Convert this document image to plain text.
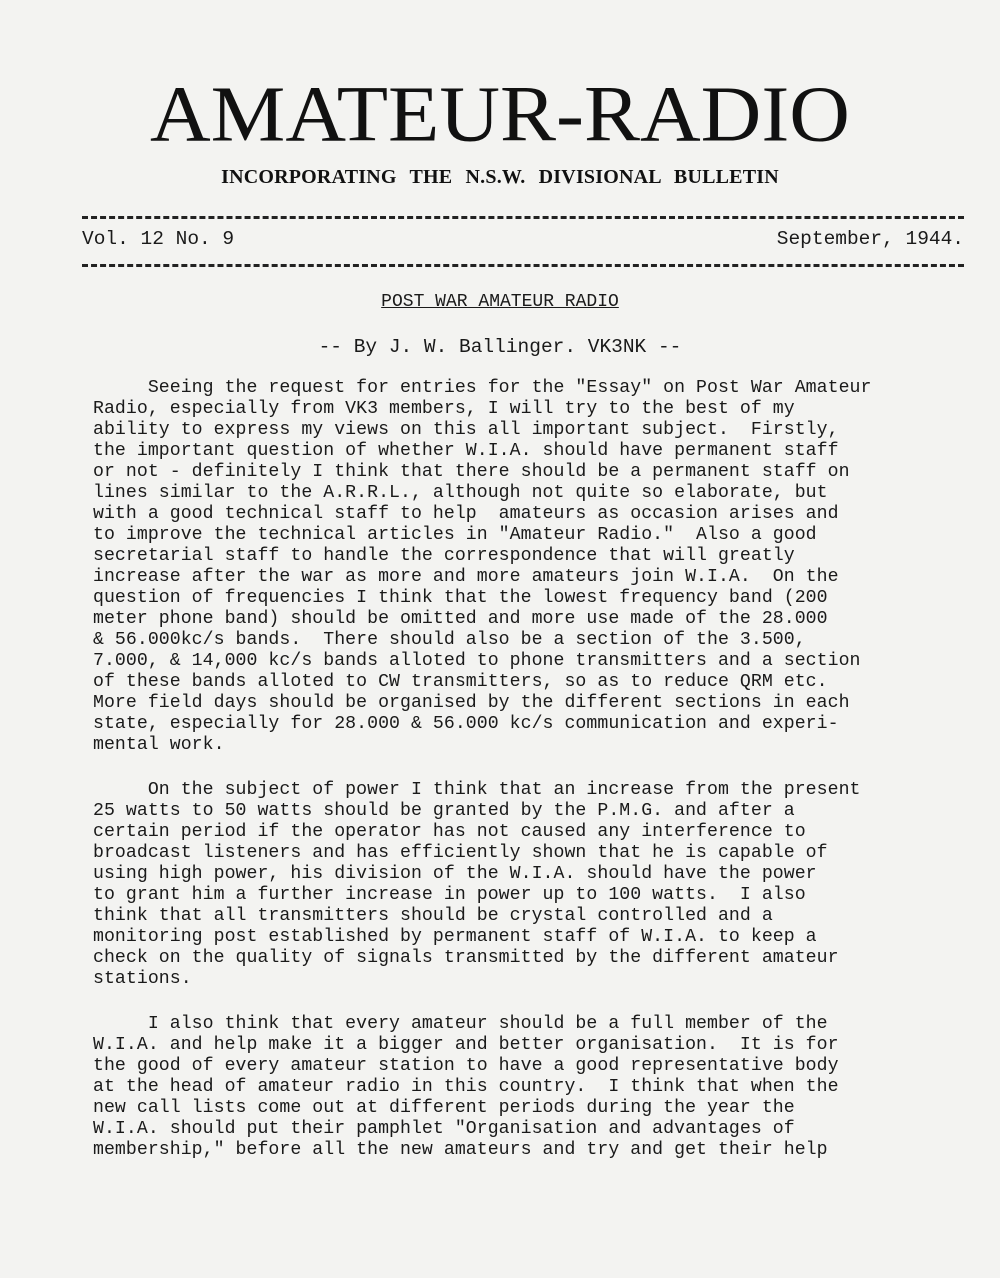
AMATEUR-RADIO
INCORPORATING THE N.S.W. DIVISIONAL BULLETIN
Vol. 12 No. 9	September, 1944.
POST WAR AMATEUR RADIO
-- By J. W. Ballinger. VK3NK --

Seeing the request for entries for the "Essay" on Post War Amateur
Radio, especially from VK3 members, I will try to the best of my
ability to express my views on this all important subject.  Firstly,
the important question of whether W.I.A. should have permanent staff
or not - definitely I think that there should be a permanent staff on
lines similar to the A.R.R.L., although not quite so elaborate, but
with a good technical staff to help  amateurs as occasion arises and
to improve the technical articles in "Amateur Radio."  Also a good
secretarial staff to handle the correspondence that will greatly
increase after the war as more and more amateurs join W.I.A.  On the
question of frequencies I think that the lowest frequency band (200
meter phone band) should be omitted and more use made of the 28.000
& 56.000kc/s bands.  There should also be a section of the 3.500,
7.000, & 14,000 kc/s bands alloted to phone transmitters and a section
of these bands alloted to CW transmitters, so as to reduce QRM etc.
More field days should be organised by the different sections in each
state, especially for 28.000 & 56.000 kc/s communication and experi-
mental work.

On the subject of power I think that an increase from the present
25 watts to 50 watts should be granted by the P.M.G. and after a
certain period if the operator has not caused any interference to
broadcast listeners and has efficiently shown that he is capable of
using high power, his division of the W.I.A. should have the power
to grant him a further increase in power up to 100 watts.  I also
think that all transmitters should be crystal controlled and a
monitoring post established by permanent staff of W.I.A. to keep a
check on the quality of signals transmitted by the different amateur
stations.

I also think that every amateur should be a full member of the
W.I.A. and help make it a bigger and better organisation.  It is for
the good of every amateur station to have a good representative body
at the head of amateur radio in this country.  I think that when the
new call lists come out at different periods during the year the
W.I.A. should put their pamphlet "Organisation and advantages of
membership," before all the new amateurs and try and get their help
